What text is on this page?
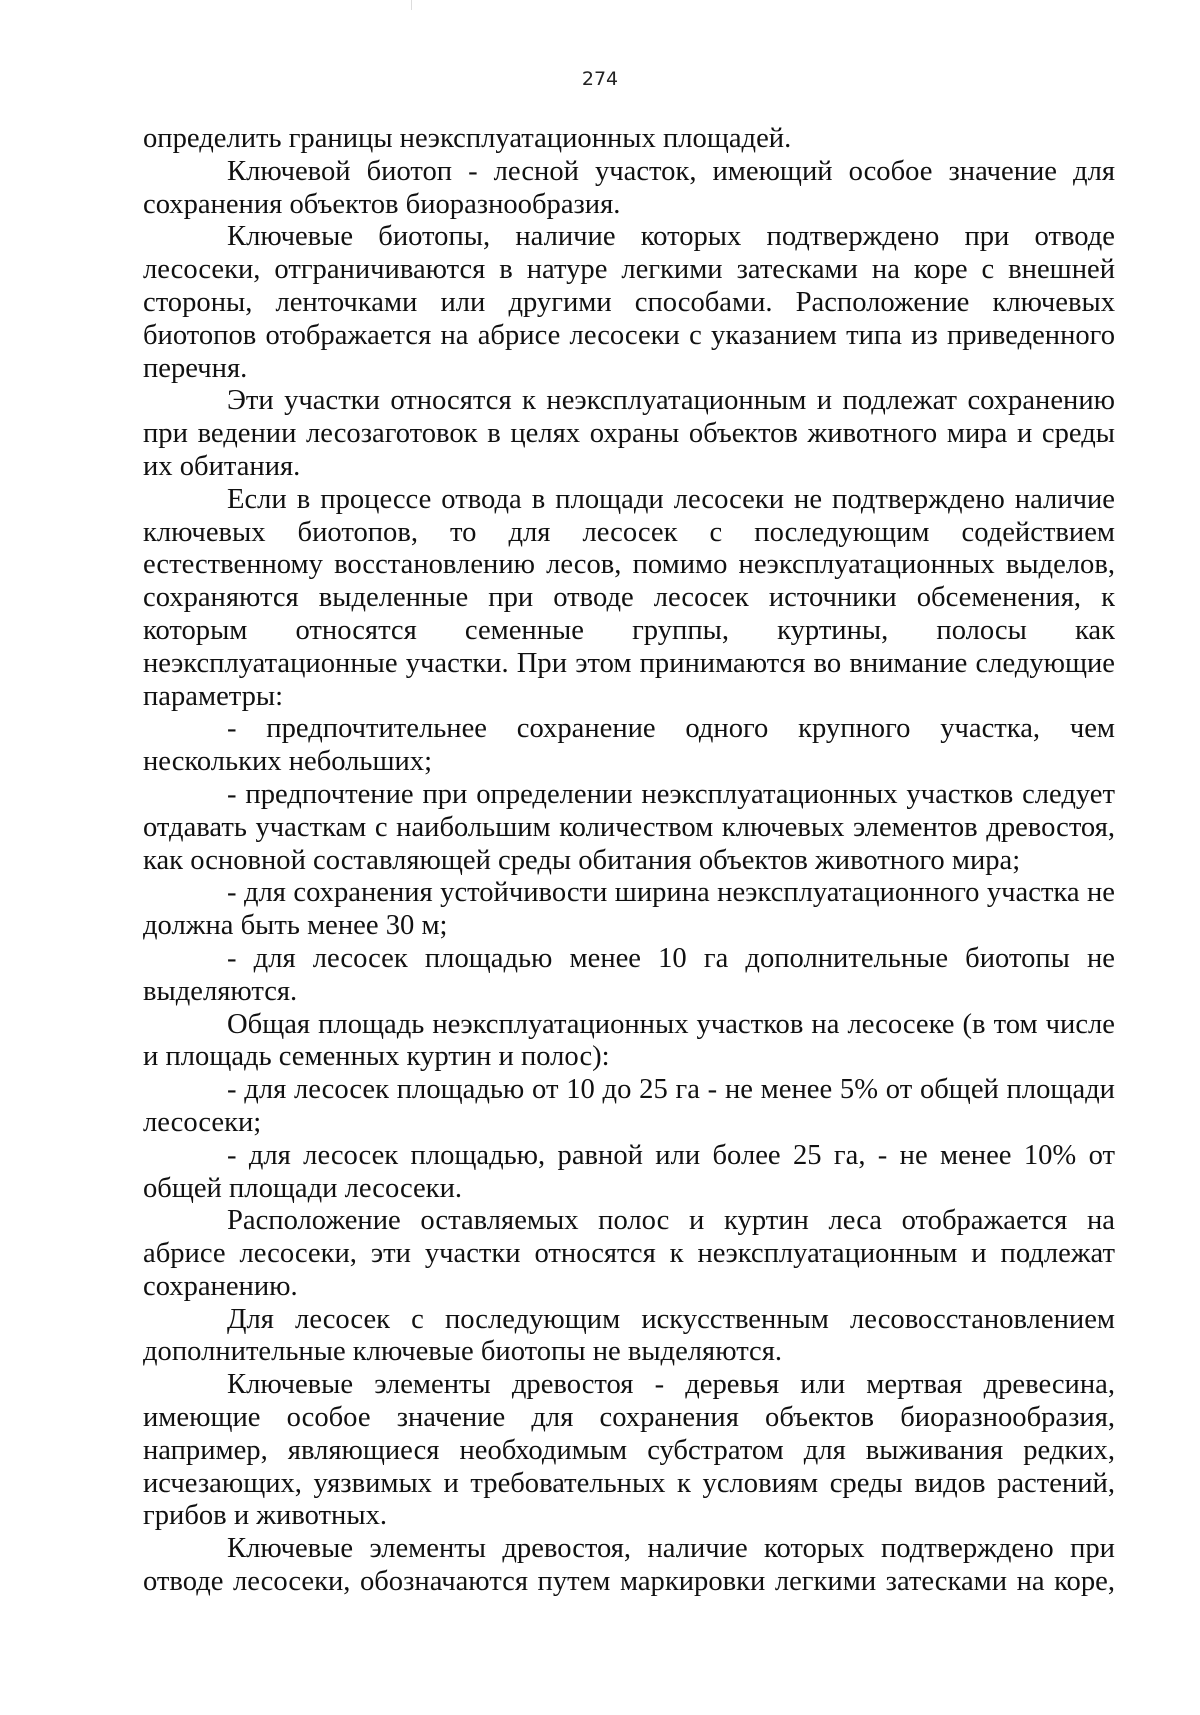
274

определить границы неэксплуатационных площадей.

Ключевой биотоп - лесной участок, имеющий особое значение для сохранения объектов биоразнообразия.

Ключевые биотопы, наличие которых подтверждено при отводе лесосеки, отграничиваются в натуре легкими затесками на коре с внешней стороны, ленточками или другими способами. Расположение ключевых биотопов отображается на абрисе лесосеки с указанием типа из приведенного перечня.

Эти участки относятся к неэксплуатационным и подлежат сохранению при ведении лесозаготовок в целях охраны объектов животного мира и среды их обитания.

Если в процессе отвода в площади лесосеки не подтверждено наличие ключевых биотопов, то для лесосек с последующим содействием естественному восстановлению лесов, помимо неэксплуатационных выделов, сохраняются выделенные при отводе лесосек источники обсеменения, к которым относятся семенные группы, куртины, полосы как неэксплуатационные участки. При этом принимаются во внимание следующие параметры:

- предпочтительнее сохранение одного крупного участка, чем нескольких небольших;

- предпочтение при определении неэксплуатационных участков следует отдавать участкам с наибольшим количеством ключевых элементов древостоя, как основной составляющей среды обитания объектов животного мира;

- для сохранения устойчивости ширина неэксплуатационного участка не должна быть менее 30 м;

- для лесосек площадью менее 10 га дополнительные биотопы не выделяются.

Общая площадь неэксплуатационных участков на лесосеке (в том числе и площадь семенных куртин и полос):

- для лесосек площадью от 10 до 25 га - не менее 5% от общей площади лесосеки;

- для лесосек площадью, равной или более 25 га, - не менее 10% от общей площади лесосеки.

Расположение оставляемых полос и куртин леса отображается на абрисе лесосеки, эти участки относятся к неэксплуатационным и подлежат сохранению.

Для лесосек с последующим искусственным лесовосстановлением дополнительные ключевые биотопы не выделяются.

Ключевые элементы древостоя - деревья или мертвая древесина, имеющие особое значение для сохранения объектов биоразнообразия, например, являющиеся необходимым субстратом для выживания редких, исчезающих, уязвимых и требовательных к условиям среды видов растений, грибов и животных.

Ключевые элементы древостоя, наличие которых подтверждено при отводе лесосеки, обозначаются путем маркировки легкими затесками на коре,
